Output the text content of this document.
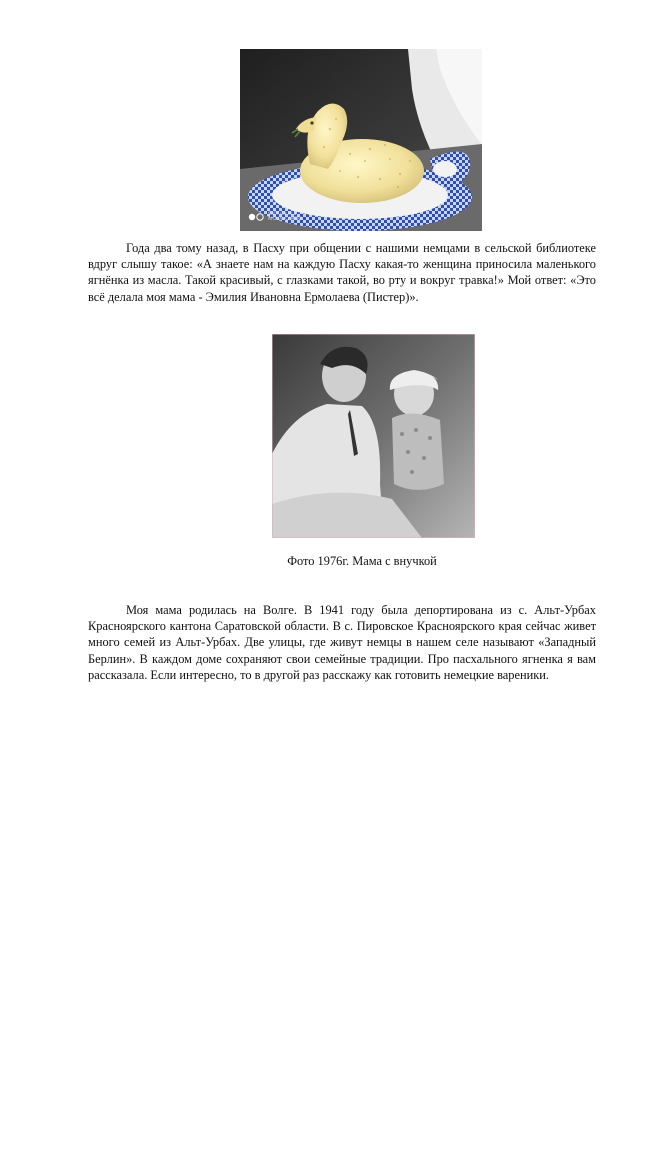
SHOT ON MI 8
AI DUAL CAMERA

Года два тому назад, в Пасху при общении с нашими немцами в сельской библиотеке вдруг слышу такое: «А знаете нам на каждую Пасху какая-то женщина приносила маленького ягнёнка из масла. Такой красивый, с глазками такой, во рту и вокруг травка!» Мой ответ: «Это всё делала моя мама - Эмилия Ивановна Ермолаева (Пистер)».

Фото 1976г. Мама с внучкой

Моя мама родилась на Волге. В 1941 году была депортирована из с. Альт-Урбах Красноярского кантона Саратовской области. В с. Пировское Красноярского края сейчас живет много семей из Альт-Урбах. Две улицы, где живут немцы в нашем селе называют «Западный Берлин». В каждом доме сохраняют свои семейные традиции. Про пасхального ягненка я вам рассказала. Если интересно, то в другой раз расскажу как готовить немецкие вареники.
